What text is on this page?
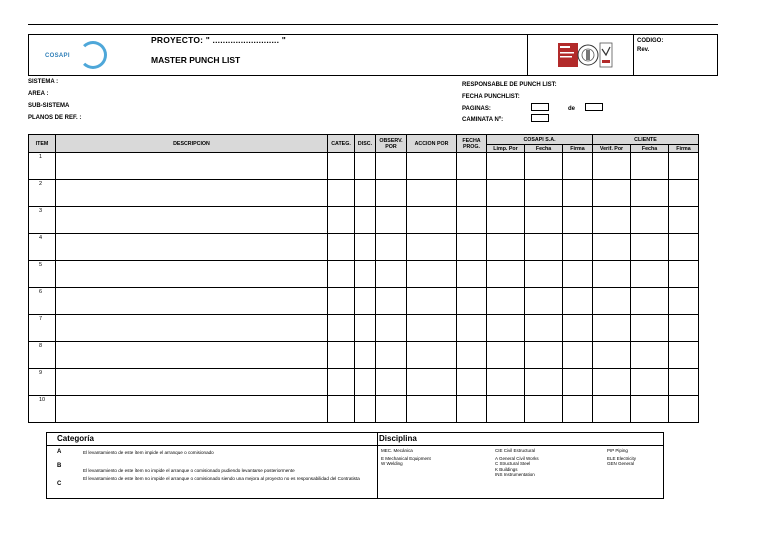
COSAPI
PROYECTO: " .......................... "
MASTER PUNCH LIST
CODIGO:
Rev.
SISTEMA :
AREA :
SUB-SISTEMA
PLANOS DE REF. :
RESPONSABLE DE PUNCH LIST:
FECHA PUNCHLIST:
PAGINAS:	de
CAMINATA Nº:
ITEM	DESCRIPCION	CATEG.	DISC.	OBSERV. POR	ACCION POR	FECHA PROG.	COSAPI S.A.			CLIENTE		
							Limp. Por	Fecha	Firma	Verif. Por	Fecha	Firma
1												
2												
3												
4												
5												
6												
7												
8												
9												
10												
Categoría	Disciplina
A	El levantamiento de este ítem impide el arranque o comisionado
B
El levantamiento de este ítem no impide el arranque o comisionado pudiendo levantarse posteriormente
C
El levantamiento de este ítem no impide el arranque o comisionado siendo una mejora al proyecto no es responsabilidad del Contratista
MEC. Mecánica
E Mechanical Equipment
W Welding
CIE Civil Estructural
A General Civil Works
C Structural Steel
K Buildings
INS Instrumentation
PIP Piping
ELE Electricity
GEN General
